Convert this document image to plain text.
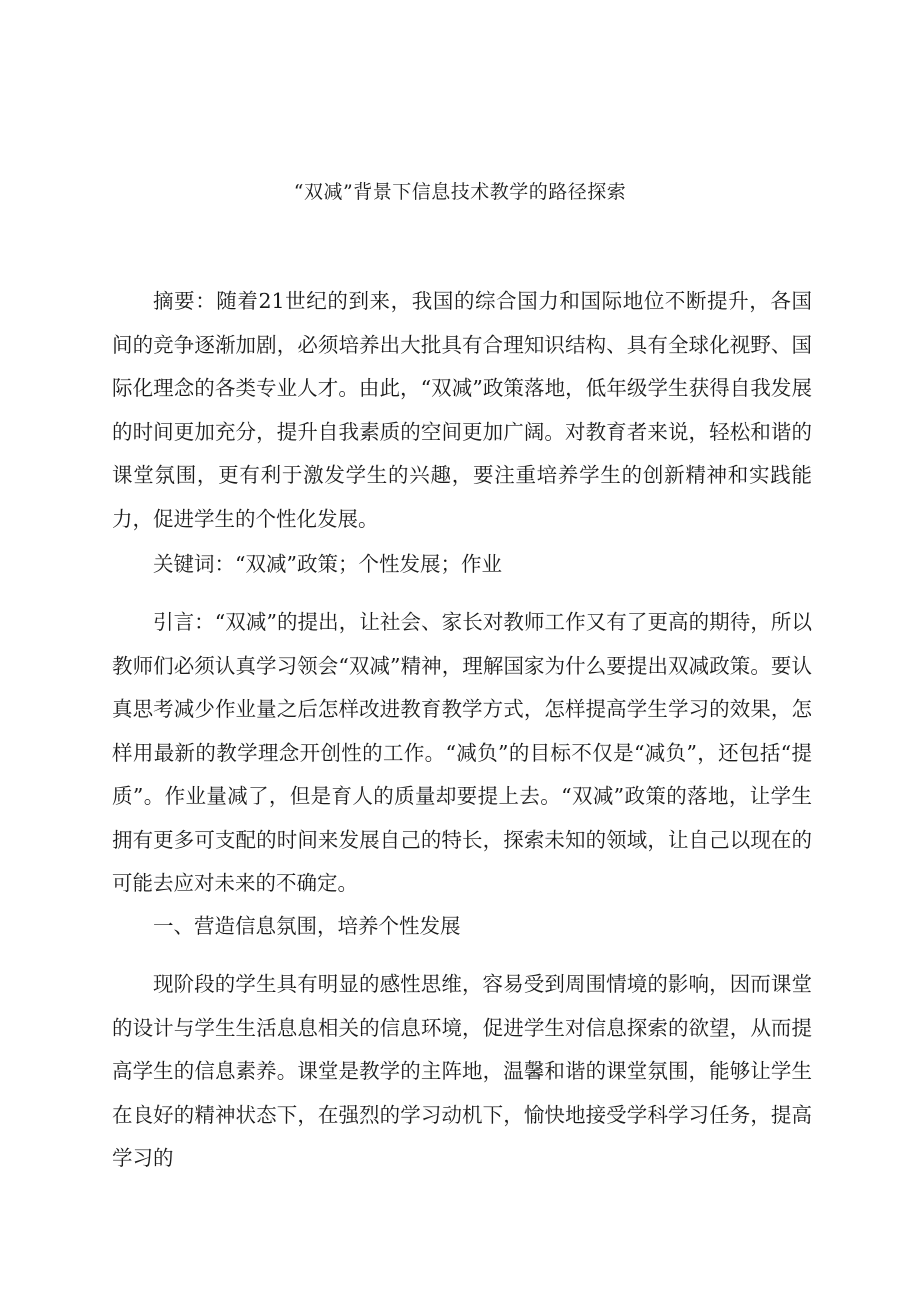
“双减”背景下信息技术教学的路径探索

摘要：随着21世纪的到来，我国的综合国力和国际地位不断提升，各国间的竞争逐渐加剧，必须培养出大批具有合理知识结构、具有全球化视野、国际化理念的各类专业人才。由此，“双减”政策落地，低年级学生获得自我发展的时间更加充分，提升自我素质的空间更加广阔。对教育者来说，轻松和谐的课堂氛围，更有利于激发学生的兴趣，要注重培养学生的创新精神和实践能力，促进学生的个性化发展。

关键词：“双减”政策；个性发展；作业

引言：“双减”的提出，让社会、家长对教师工作又有了更高的期待，所以教师们必须认真学习领会“双减”精神，理解国家为什么要提出双减政策。要认真思考减少作业量之后怎样改进教育教学方式，怎样提高学生学习的效果，怎样用最新的教学理念开创性的工作。“减负”的目标不仅是“减负”，还包括“提质”。作业量减了，但是育人的质量却要提上去。“双减”政策的落地，让学生拥有更多可支配的时间来发展自己的特长，探索未知的领域，让自己以现在的可能去应对未来的不确定。

一、营造信息氛围，培养个性发展

现阶段的学生具有明显的感性思维，容易受到周围情境的影响，因而课堂的设计与学生生活息息相关的信息环境，促进学生对信息探索的欲望，从而提高学生的信息素养。课堂是教学的主阵地，温馨和谐的课堂氛围，能够让学生在良好的精神状态下，在强烈的学习动机下，愉快地接受学科学习任务，提高学习的
